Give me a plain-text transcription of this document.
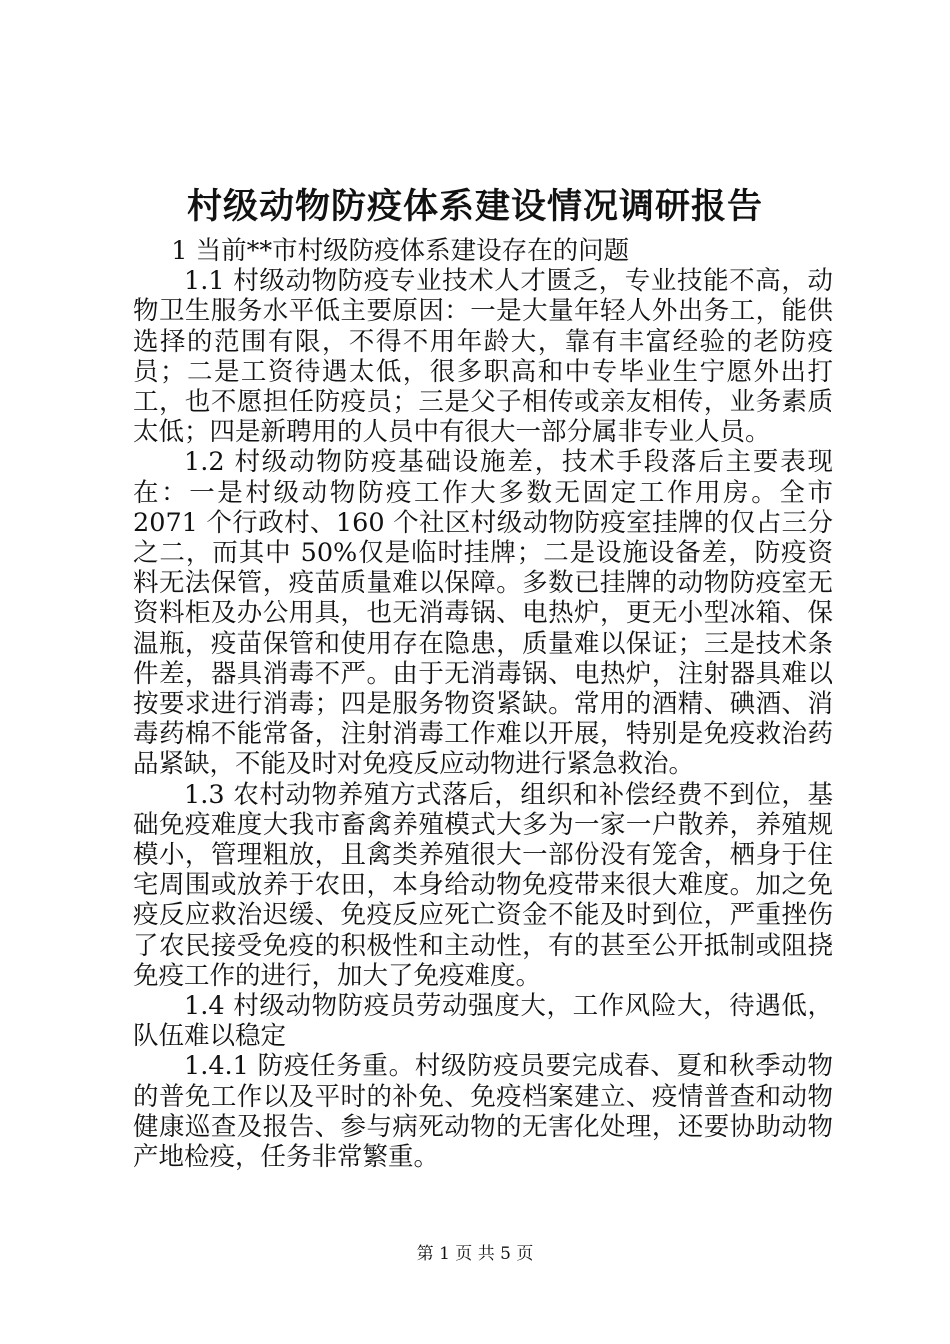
村级动物防疫体系建设情况调研报告

1 当前**市村级防疫体系建设存在的问题

1.1 村级动物防疫专业技术人才匮乏，专业技能不高，动物卫生服务水平低主要原因：一是大量年轻人外出务工，能供选择的范围有限，不得不用年龄大，靠有丰富经验的老防疫员；二是工资待遇太低，很多职高和中专毕业生宁愿外出打工，也不愿担任防疫员；三是父子相传或亲友相传，业务素质太低；四是新聘用的人员中有很大一部分属非专业人员。

1.2 村级动物防疫基础设施差，技术手段落后主要表现在：一是村级动物防疫工作大多数无固定工作用房。全市 2071 个行政村、160 个社区村级动物防疫室挂牌的仅占三分之二，而其中 50%仅是临时挂牌；二是设施设备差，防疫资料无法保管，疫苗质量难以保障。多数已挂牌的动物防疫室无资料柜及办公用具，也无消毒锅、电热炉，更无小型冰箱、保温瓶，疫苗保管和使用存在隐患，质量难以保证；三是技术条件差，器具消毒不严。由于无消毒锅、电热炉，注射器具难以按要求进行消毒；四是服务物资紧缺。常用的酒精、碘酒、消毒药棉不能常备，注射消毒工作难以开展，特别是免疫救治药品紧缺，不能及时对免疫反应动物进行紧急救治。

1.3 农村动物养殖方式落后，组织和补偿经费不到位，基础免疫难度大我市畜禽养殖模式大多为一家一户散养，养殖规模小，管理粗放，且禽类养殖很大一部份没有笼舍，栖身于住宅周围或放养于农田，本身给动物免疫带来很大难度。加之免疫反应救治迟缓、免疫反应死亡资金不能及时到位，严重挫伤了农民接受免疫的积极性和主动性，有的甚至公开抵制或阻挠免疫工作的进行，加大了免疫难度。

1.4 村级动物防疫员劳动强度大，工作风险大，待遇低，队伍难以稳定

1.4.1 防疫任务重。村级防疫员要完成春、夏和秋季动物的普免工作以及平时的补免、免疫档案建立、疫情普查和动物健康巡查及报告、参与病死动物的无害化处理，还要协助动物产地检疫，任务非常繁重。

第 1 页 共 5 页
